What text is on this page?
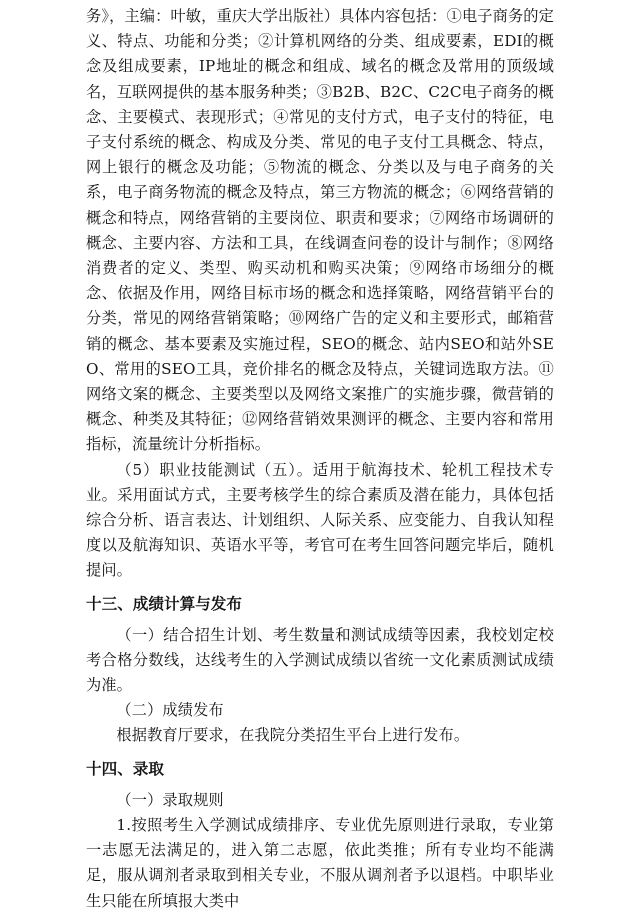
务》，主编：叶敏，重庆大学出版社）具体内容包括：①电子商务的定义、特点、功能和分类；②计算机网络的分类、组成要素，EDI的概念及组成要素，IP地址的概念和组成、域名的概念及常用的顶级域名，互联网提供的基本服务种类；③B2B、B2C、C2C电子商务的概念、主要模式、表现形式；④常见的支付方式，电子支付的特征，电子支付系统的概念、构成及分类、常见的电子支付工具概念、特点，网上银行的概念及功能；⑤物流的概念、分类以及与电子商务的关系，电子商务物流的概念及特点，第三方物流的概念；⑥网络营销的概念和特点，网络营销的主要岗位、职责和要求；⑦网络市场调研的概念、主要内容、方法和工具，在线调查问卷的设计与制作；⑧网络消费者的定义、类型、购买动机和购买决策；⑨网络市场细分的概念、依据及作用，网络目标市场的概念和选择策略，网络营销平台的分类，常见的网络营销策略；⑩网络广告的定义和主要形式，邮箱营销的概念、基本要素及实施过程，SEO的概念、站内SEO和站外SEO、常用的SEO工具，竞价排名的概念及特点，关键词选取方法。⑪网络文案的概念、主要类型以及网络文案推广的实施步骤，微营销的概念、种类及其特征；⑫网络营销效果测评的概念、主要内容和常用指标，流量统计分析指标。

（5）职业技能测试（五）。适用于航海技术、轮机工程技术专业。采用面试方式，主要考核学生的综合素质及潜在能力，具体包括综合分析、语言表达、计划组织、人际关系、应变能力、自我认知程度以及航海知识、英语水平等，考官可在考生回答问题完毕后，随机提问。

十三、成绩计算与发布

（一）结合招生计划、考生数量和测试成绩等因素，我校划定校考合格分数线，达线考生的入学测试成绩以省统一文化素质测试成绩为准。

（二）成绩发布

根据教育厅要求，在我院分类招生平台上进行发布。

十四、录取

（一）录取规则

1.按照考生入学测试成绩排序、专业优先原则进行录取，专业第一志愿无法满足的，进入第二志愿，依此类推；所有专业均不能满足，服从调剂者录取到相关专业，不服从调剂者予以退档。中职毕业生只能在所填报大类中
